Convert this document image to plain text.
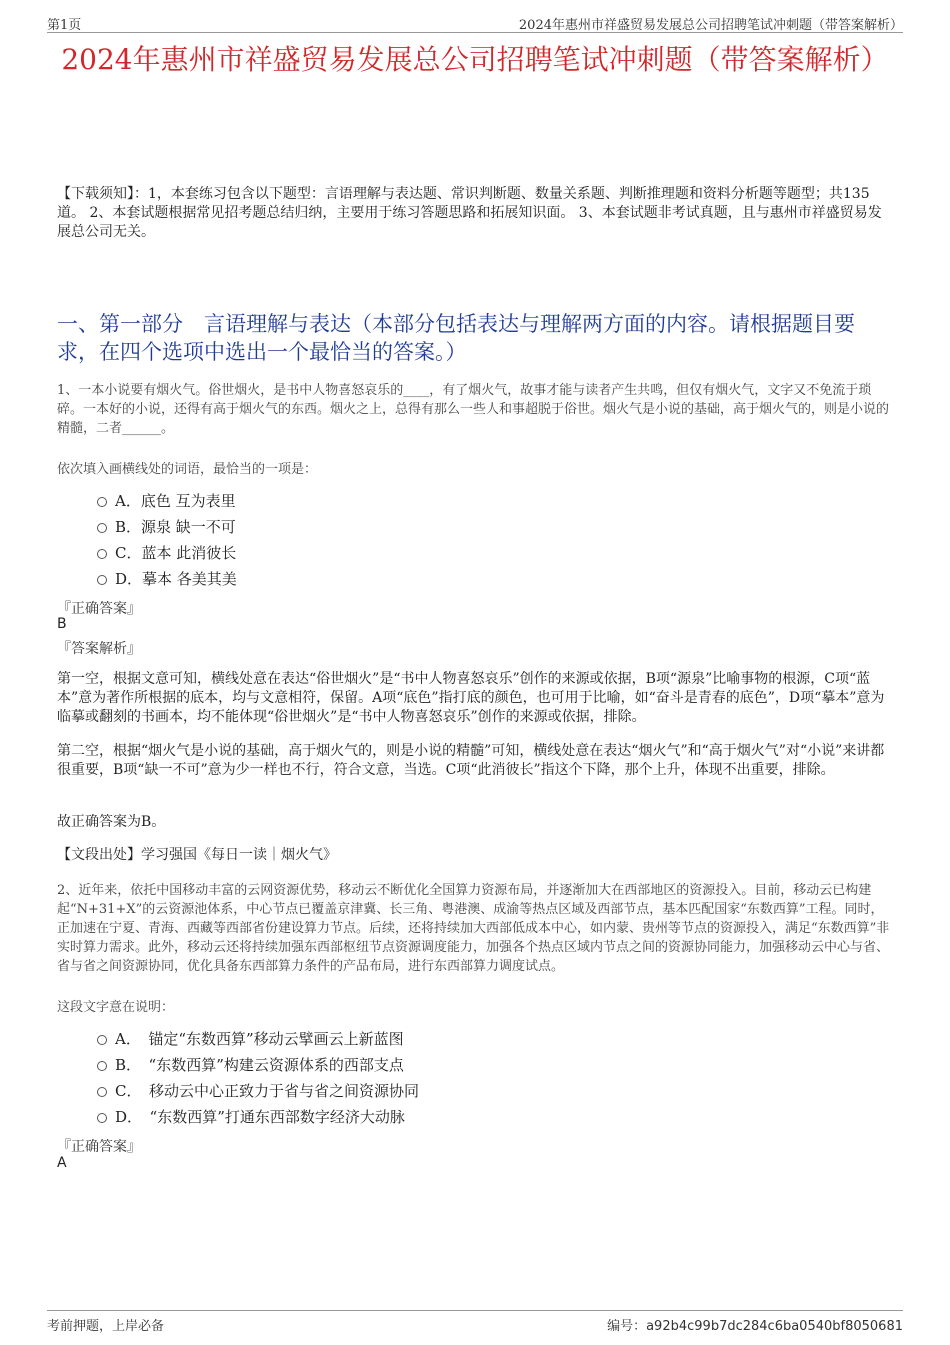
第1页	2024年惠州市祥盛贸易发展总公司招聘笔试冲刺题（带答案解析）
2024年惠州市祥盛贸易发展总公司招聘笔试冲刺题（带答案解析）
【下载须知】：1，本套练习包含以下题型：言语理解与表达题、常识判断题、数量关系题、判断推理题和资料分析题等题型；共135道。 2、本套试题根据常见招考题总结归纳，主要用于练习答题思路和拓展知识面。 3、本套试题非考试真题，且与惠州市祥盛贸易发展总公司无关。
一、第一部分　言语理解与表达（本部分包括表达与理解两方面的内容。请根据题目要求，在四个选项中选出一个最恰当的答案。）
1、一本小说要有烟火气。俗世烟火，是书中人物喜怒哀乐的____，有了烟火气，故事才能与读者产生共鸣，但仅有烟火气，文字又不免流于琐碎。一本好的小说，还得有高于烟火气的东西。烟火之上，总得有那么一些人和事超脱于俗世。烟火气是小说的基础，高于烟火气的，则是小说的精髓，二者______。
依次填入画横线处的词语，最恰当的一项是：
A．底色 互为表里
B．源泉 缺一不可
C．蓝本 此消彼长
D．摹本 各美其美
『正确答案』
B
『答案解析』
第一空，根据文意可知，横线处意在表达“俗世烟火”是“书中人物喜怒哀乐”创作的来源或依据，B项“源泉”比喻事物的根源，C项“蓝本”意为著作所根据的底本，均与文意相符，保留。A项“底色”指打底的颜色，也可用于比喻，如“奋斗是青春的底色”，D项“摹本”意为临摹或翻刻的书画本，均不能体现“俗世烟火”是“书中人物喜怒哀乐”创作的来源或依据，排除。
第二空，根据“烟火气是小说的基础，高于烟火气的，则是小说的精髓”可知，横线处意在表达“烟火气”和“高于烟火气”对“小说”来讲都很重要，B项“缺一不可”意为少一样也不行，符合文意，当选。C项“此消彼长”指这个下降，那个上升，体现不出重要，排除。
故正确答案为B。
【文段出处】学习强国《每日一读｜烟火气》
2、近年来，依托中国移动丰富的云网资源优势，移动云不断优化全国算力资源布局，并逐渐加大在西部地区的资源投入。目前，移动云已构建起“N+31+X”的云资源池体系，中心节点已覆盖京津冀、长三角、粤港澳、成渝等热点区域及西部节点，基本匹配国家“东数西算”工程。同时，正加速在宁夏、青海、西藏等西部省份建设算力节点。后续，还将持续加大西部低成本中心，如内蒙、贵州等节点的资源投入，满足“东数西算”非实时算力需求。此外，移动云还将持续加强东西部枢纽节点资源调度能力，加强各个热点区域内节点之间的资源协同能力，加强移动云中心与省、省与省之间资源协同，优化具备东西部算力条件的产品布局，进行东西部算力调度试点。
这段文字意在说明：
A．　锚定“东数西算”移动云擘画云上新蓝图
B．　“东数西算”构建云资源体系的西部支点
C．　移动云中心正致力于省与省之间资源协同
D．　“东数西算”打通东西部数字经济大动脉
『正确答案』
A
考前押题，上岸必备	编号：a92b4c99b7dc284c6ba0540bf8050681
